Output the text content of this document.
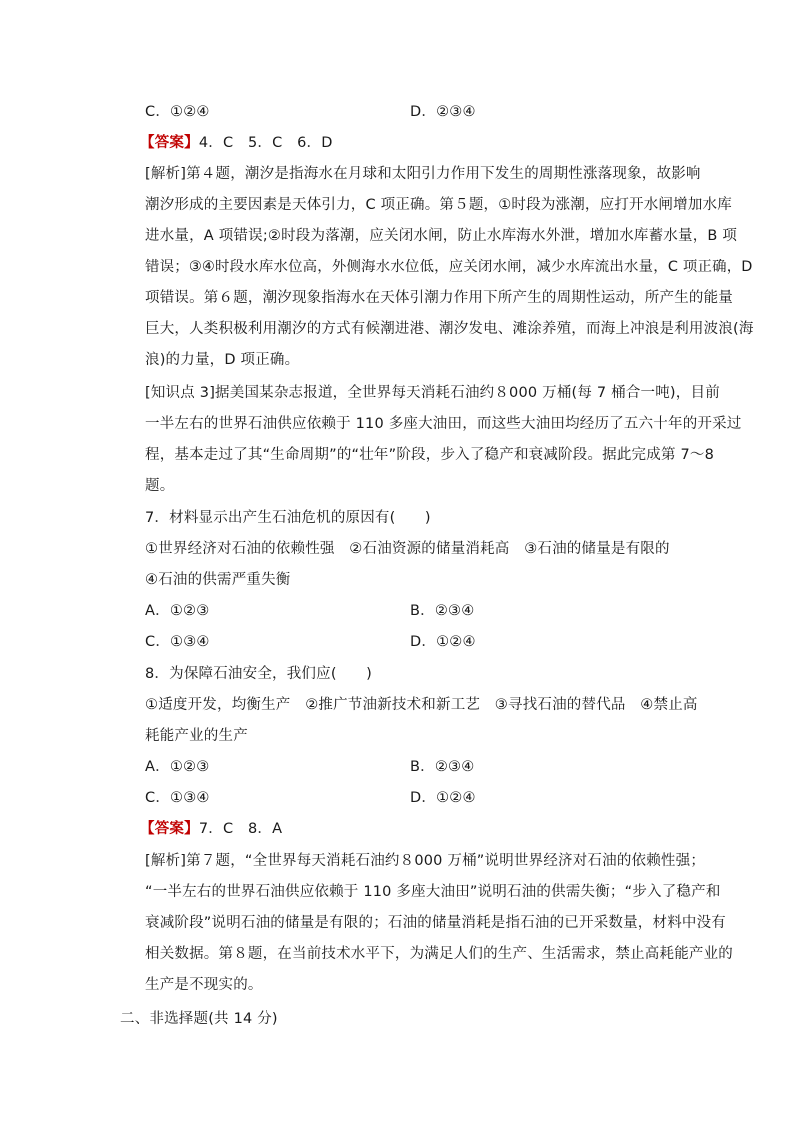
C．①②④	D．②③④
【答案】4．C　5．C　6．D
[解析]第４题，潮汐是指海水在月球和太阳引力作用下发生的周期性涨落现象，故影响
潮汐形成的主要因素是天体引力，C 项正确。第５题，①时段为涨潮，应打开水闸增加水库
进水量，A 项错误;②时段为落潮，应关闭水闸，防止水库海水外泄，增加水库蓄水量，B 项
错误；③④时段水库水位高，外侧海水水位低，应关闭水闸，减少水库流出水量，C 项正确，D
项错误。第６题，潮汐现象指海水在天体引潮力作用下所产生的周期性运动，所产生的能量
巨大，人类积极利用潮汐的方式有候潮进港、潮汐发电、滩涂养殖，而海上冲浪是利用波浪(海
浪)的力量，D 项正确。
[知识点 3]据美国某杂志报道，全世界每天消耗石油约８000 万桶(每 7 桶合一吨)，目前
一半左右的世界石油供应依赖于 110 多座大油田，而这些大油田均经历了五六十年的开采过
程，基本走过了其“生命周期”的“壮年”阶段，步入了稳产和衰减阶段。据此完成第 7～8
题。
7．材料显示出产生石油危机的原因有(　　)
①世界经济对石油的依赖性强　②石油资源的储量消耗高　③石油的储量是有限的
④石油的供需严重失衡
A．①②③	B．②③④
C．①③④	D．①②④
8．为保障石油安全，我们应(　　)
①适度开发，均衡生产　②推广节油新技术和新工艺　③寻找石油的替代品　④禁止高
耗能产业的生产
A．①②③	B．②③④
C．①③④	D．①②④
【答案】7．C　8．A
[解析]第７题，“全世界每天消耗石油约８000 万桶”说明世界经济对石油的依赖性强；
“一半左右的世界石油供应依赖于 110 多座大油田”说明石油的供需失衡；“步入了稳产和
衰减阶段”说明石油的储量是有限的；石油的储量消耗是指石油的已开采数量，材料中没有
相关数据。第８题，在当前技术水平下，为满足人们的生产、生活需求，禁止高耗能产业的
生产是不现实的。
二、非选择题(共 14 分)
